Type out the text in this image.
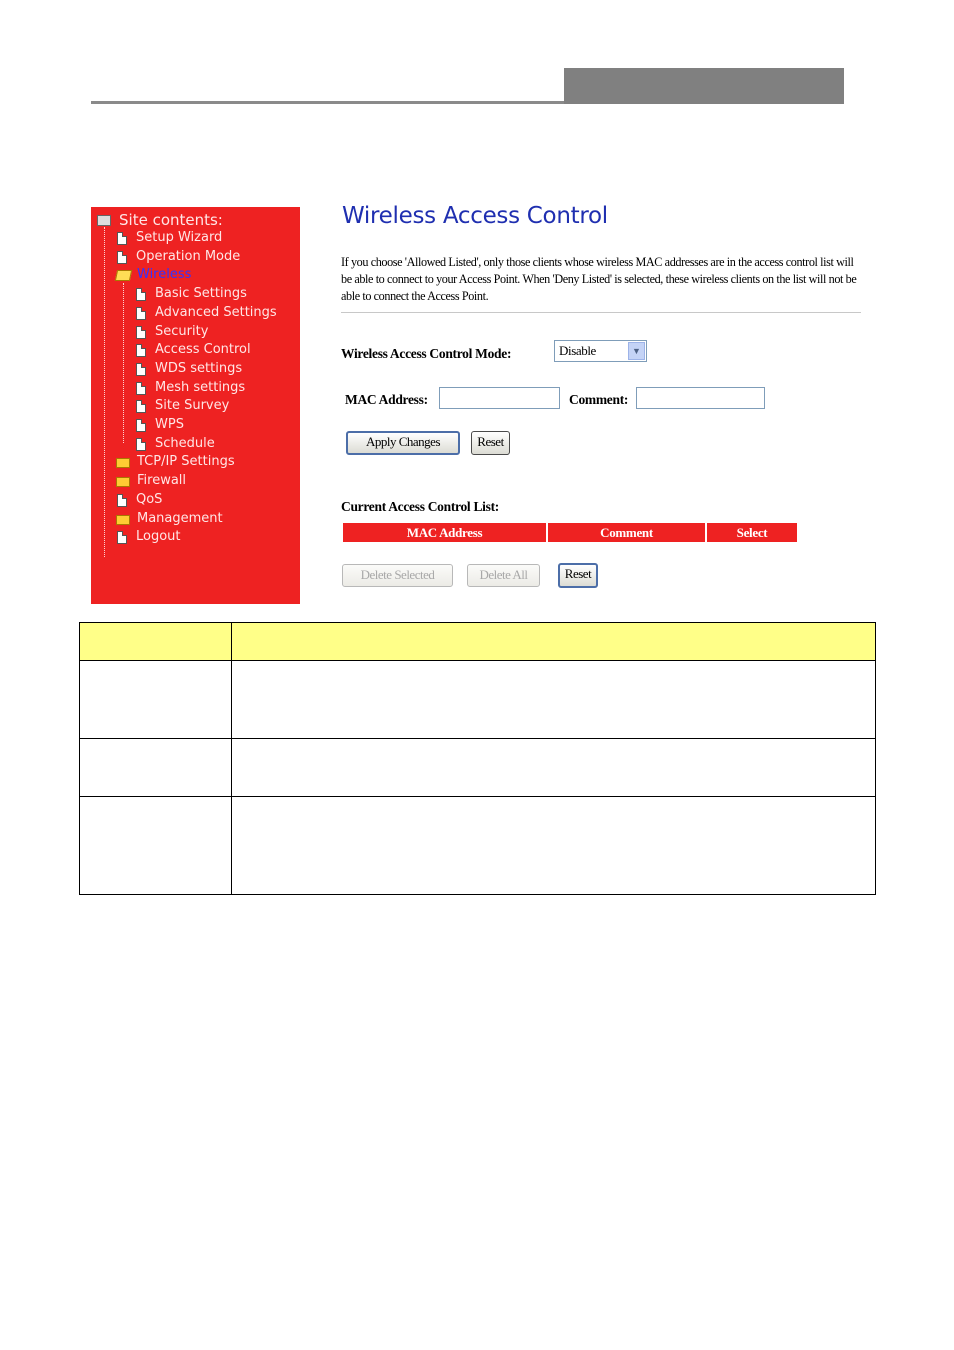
Site contents:
Setup Wizard
Operation Mode
Wireless
Basic Settings
Advanced Settings
Security
Access Control
WDS settings
Mesh settings
Site Survey
WPS
Schedule
TCP/IP Settings
Firewall
QoS
Management
Logout
Wireless Access Control
If you choose 'Allowed Listed', only those clients whose wireless MAC addresses are in the access control list will be able to connect to your Access Point. When 'Deny Listed' is selected, these wireless clients on the list will not be able to connect the Access Point.
Wireless Access Control Mode:	Disable	▼
MAC Address:	Comment:
Apply Changes	Reset
Current Access Control List:
MAC Address	Comment	Select
Delete Selected	Delete All	Reset
